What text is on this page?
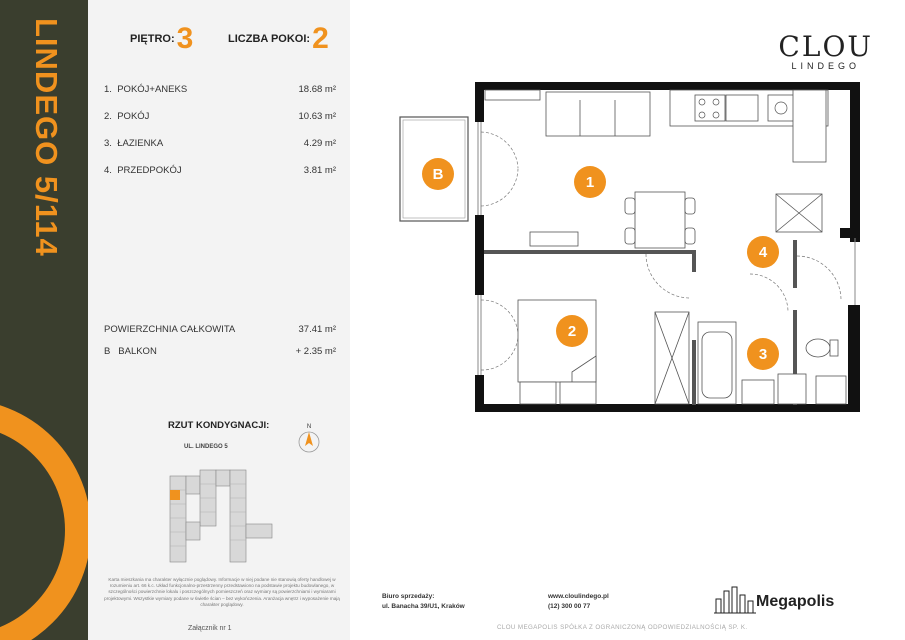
LINDEGO 5/114	PIĘTRO:3	LICZBA POKOI:2
1. POKÓJ+ANEKS	18.68 m²
2. POKÓJ	10.63 m²
3. ŁAZIENKA	4.29 m²
4. PRZEDPOKÓJ	3.81 m²
POWIERZCHNIA CAŁKOWITA	37.41 m²
B BALKON	+ 2.35 m²
RZUT KONDYGNACJI:
UL. LINDEGO 5
N
Karta mieszkania ma charakter wyłącznie poglądowy. Informacje w niej podane nie stanowią oferty handlowej w rozumieniu art. 66 k.c. Układ funkcjonalno-przestrzenny przedstawiono na podstawie projektu budowlanego, w szczególności powierzchnie lokalu i poszczególnych pomieszczeń oraz wymiary są powierzchniami i wymiarami projektowymi. Wszystkie wymiary podane w świetle ścian – bez wykończenia. Aranżacja wnętrz i wyposażenie mają charakter poglądowy.
Załącznik nr 1
CLOU
LINDEGO
B	1
2
3
4
Biuro sprzedaży:
ul. Banacha 39/U1, Kraków
www.cloulindego.pl
(12) 300 00 77	Megapolis
CLOU MEGAPOLIS SPÓŁKA Z OGRANICZONĄ ODPOWIEDZIALNOŚCIĄ SP. K.
